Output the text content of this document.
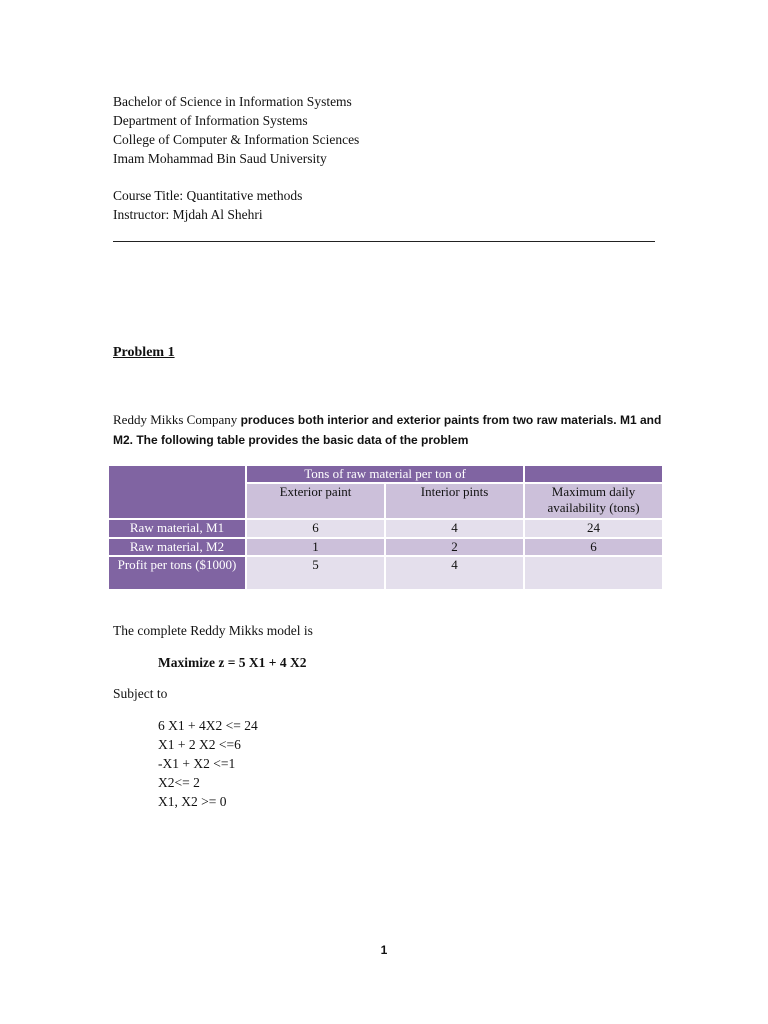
Bachelor of Science in Information Systems
Department of Information Systems
College of Computer & Information Sciences
Imam Mohammad Bin Saud University
Course Title: Quantitative methods
Instructor: Mjdah Al Shehri
Problem 1
Reddy Mikks Company produces both interior and exterior paints from two raw materials. M1 and M2. The following table provides the basic data of the problem
	Tons of raw material per ton of		
	Exterior paint	Interior pints	Maximum daily availability (tons)
Raw material, M1	6	4	24
Raw material, M2	1	2	6
Profit per tons ($1000)	5	4	
The complete Reddy Mikks model is
Maximize z = 5 X1 + 4 X2
Subject to
6 X1 + 4X2 <= 24
X1 + 2 X2 <=6
-X1 + X2 <=1
X2<= 2
X1, X2 >= 0
1
